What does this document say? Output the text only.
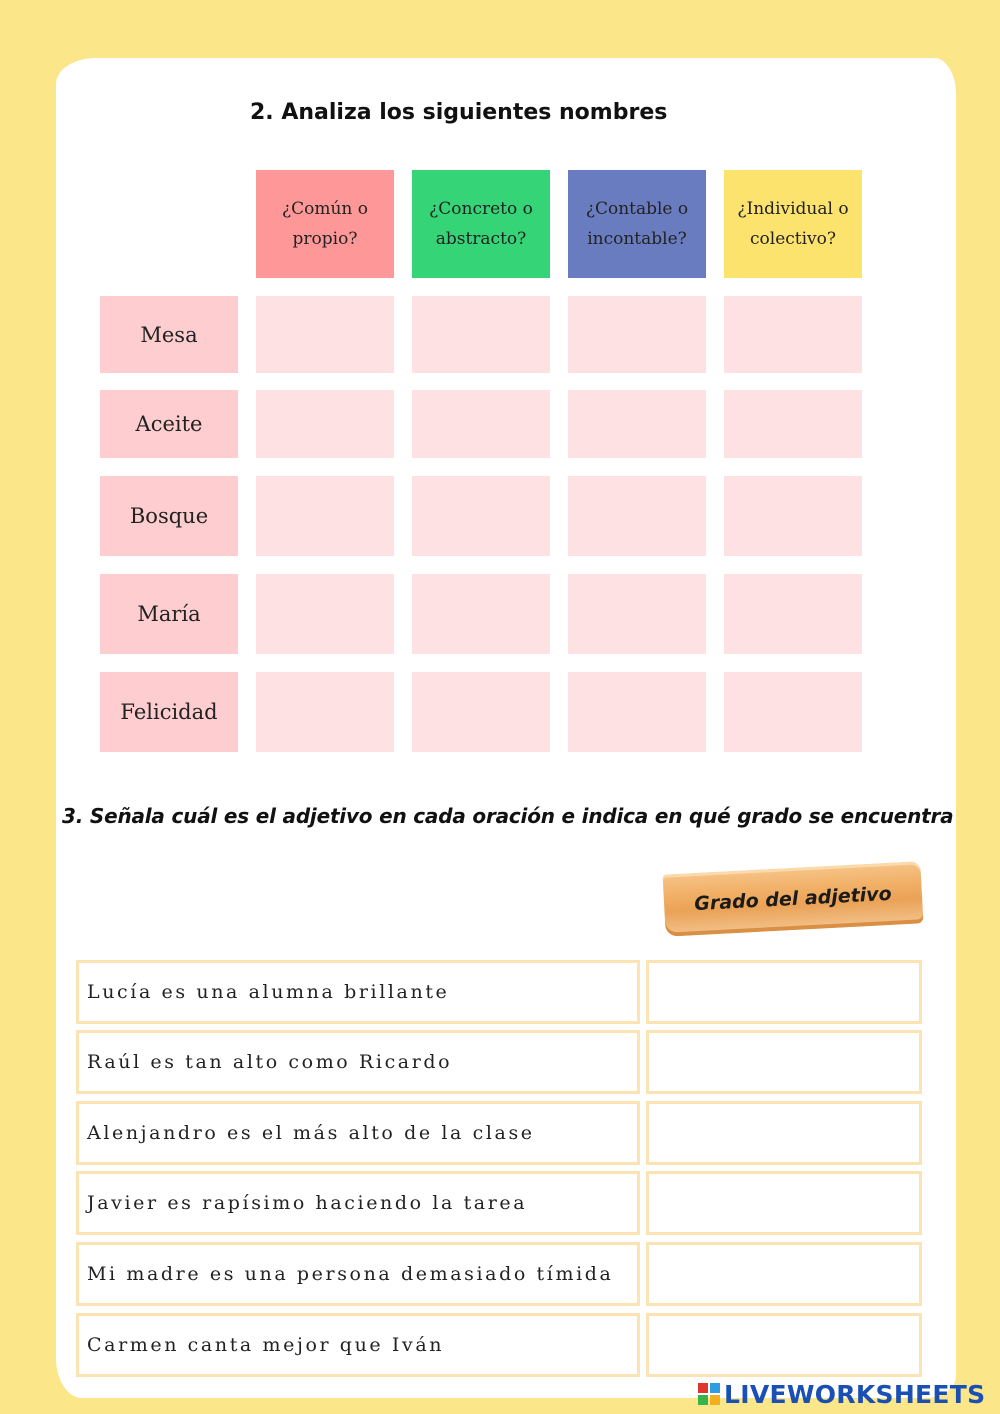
2. Analiza los siguientes nombres
¿Común o propio?
¿Concreto o abstracto?
¿Contable o incontable?
¿Individual o colectivo?
Mesa
Aceite
Bosque
María
Felicidad
3. Señala cuál es el adjetivo en cada oración e indica en qué grado se encuentra
Grado del adjetivo
Lucía es una alumna brillante
Raúl es tan alto como Ricardo
Alenjandro es el más alto de la clase
Javier es rapísimo haciendo la tarea
Mi madre es una persona demasiado tímida
Carmen canta mejor que Iván
LIVEWORKSHEETS
